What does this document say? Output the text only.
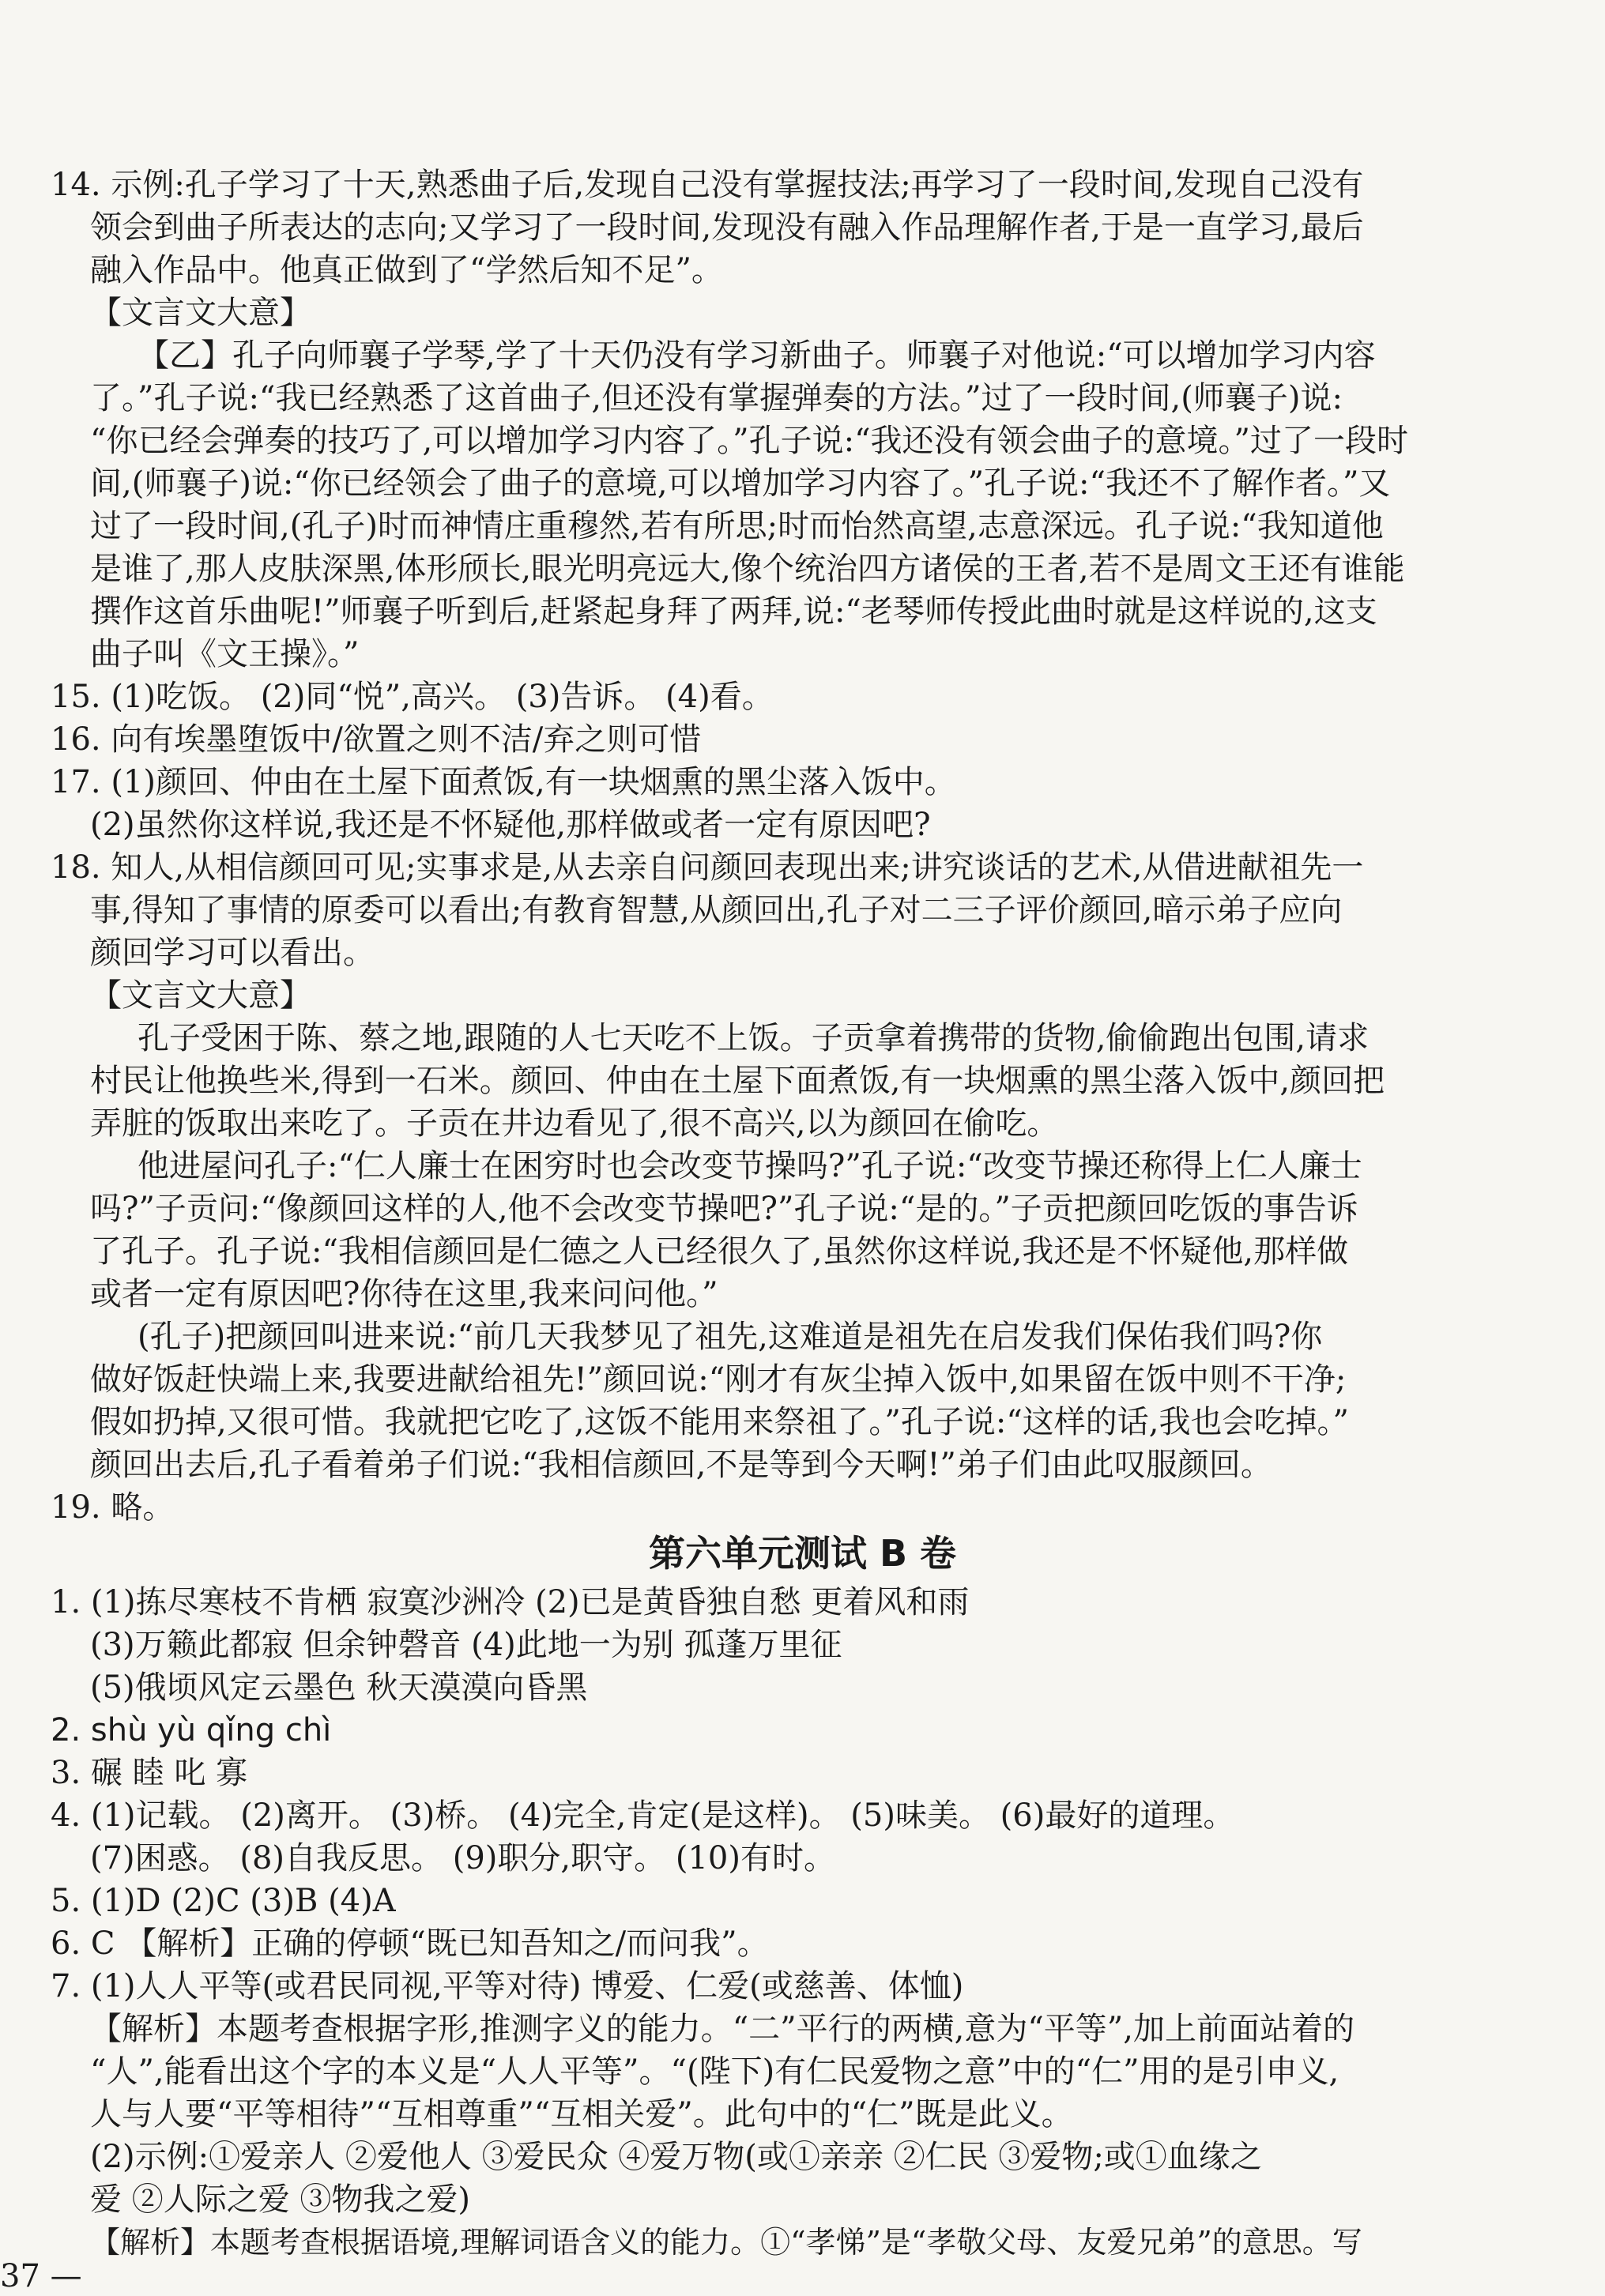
14. 示例:孔子学习了十天,熟悉曲子后,发现自己没有掌握技法;再学习了一段时间,发现自己没有
领会到曲子所表达的志向;又学习了一段时间,发现没有融入作品理解作者,于是一直学习,最后
融入作品中。他真正做到了“学然后知不足”。
【文言文大意】
【乙】孔子向师襄子学琴,学了十天仍没有学习新曲子。师襄子对他说:“可以增加学习内容
了。”孔子说:“我已经熟悉了这首曲子,但还没有掌握弹奏的方法。”过了一段时间,(师襄子)说:
“你已经会弹奏的技巧了,可以增加学习内容了。”孔子说:“我还没有领会曲子的意境。”过了一段时
间,(师襄子)说:“你已经领会了曲子的意境,可以增加学习内容了。”孔子说:“我还不了解作者。”又
过了一段时间,(孔子)时而神情庄重穆然,若有所思;时而怡然高望,志意深远。孔子说:“我知道他
是谁了,那人皮肤深黑,体形颀长,眼光明亮远大,像个统治四方诸侯的王者,若不是周文王还有谁能
撰作这首乐曲呢!”师襄子听到后,赶紧起身拜了两拜,说:“老琴师传授此曲时就是这样说的,这支
曲子叫《文王操》。”
15. (1)吃饭。 (2)同“悦”,高兴。 (3)告诉。 (4)看。
16. 向有埃墨堕饭中/欲置之则不洁/弃之则可惜
17. (1)颜回、仲由在土屋下面煮饭,有一块烟熏的黑尘落入饭中。
(2)虽然你这样说,我还是不怀疑他,那样做或者一定有原因吧?
18. 知人,从相信颜回可见;实事求是,从去亲自问颜回表现出来;讲究谈话的艺术,从借进献祖先一
事,得知了事情的原委可以看出;有教育智慧,从颜回出,孔子对二三子评价颜回,暗示弟子应向
颜回学习可以看出。
【文言文大意】
孔子受困于陈、蔡之地,跟随的人七天吃不上饭。子贡拿着携带的货物,偷偷跑出包围,请求
村民让他换些米,得到一石米。颜回、仲由在土屋下面煮饭,有一块烟熏的黑尘落入饭中,颜回把
弄脏的饭取出来吃了。子贡在井边看见了,很不高兴,以为颜回在偷吃。
他进屋问孔子:“仁人廉士在困穷时也会改变节操吗?”孔子说:“改变节操还称得上仁人廉士
吗?”子贡问:“像颜回这样的人,他不会改变节操吧?”孔子说:“是的。”子贡把颜回吃饭的事告诉
了孔子。孔子说:“我相信颜回是仁德之人已经很久了,虽然你这样说,我还是不怀疑他,那样做
或者一定有原因吧?你待在这里,我来问问他。”
(孔子)把颜回叫进来说:“前几天我梦见了祖先,这难道是祖先在启发我们保佑我们吗?你
做好饭赶快端上来,我要进献给祖先!”颜回说:“刚才有灰尘掉入饭中,如果留在饭中则不干净;
假如扔掉,又很可惜。我就把它吃了,这饭不能用来祭祖了。”孔子说:“这样的话,我也会吃掉。”
颜回出去后,孔子看着弟子们说:“我相信颜回,不是等到今天啊!”弟子们由此叹服颜回。
19. 略。
第六单元测试 B 卷
1. (1)拣尽寒枝不肯栖 寂寞沙洲冷 (2)已是黄昏独自愁 更着风和雨
(3)万籁此都寂 但余钟磬音 (4)此地一为别 孤蓬万里征
(5)俄顷风定云墨色 秋天漠漠向昏黑
2. shù yù qǐng chì
3. 碾 睦 叱 寡
4. (1)记载。 (2)离开。 (3)桥。 (4)完全,肯定(是这样)。 (5)味美。 (6)最好的道理。
(7)困惑。 (8)自我反思。 (9)职分,职守。 (10)有时。
5. (1)D (2)C (3)B (4)A
6. C 【解析】正确的停顿“既已知吾知之/而问我”。
7. (1)人人平等(或君民同视,平等对待) 博爱、仁爱(或慈善、体恤)
【解析】本题考查根据字形,推测字义的能力。“二”平行的两横,意为“平等”,加上前面站着的
“人”,能看出这个字的本义是“人人平等”。“(陛下)有仁民爱物之意”中的“仁”用的是引申义,
人与人要“平等相待”“互相尊重”“互相关爱”。此句中的“仁”既是此义。
(2)示例:①爱亲人 ②爱他人 ③爱民众 ④爱万物(或①亲亲 ②仁民 ③爱物;或①血缘之
爱 ②人际之爱 ③物我之爱)
【解析】本题考查根据语境,理解词语含义的能力。①“孝悌”是“孝敬父母、友爱兄弟”的意思。写
37 —
